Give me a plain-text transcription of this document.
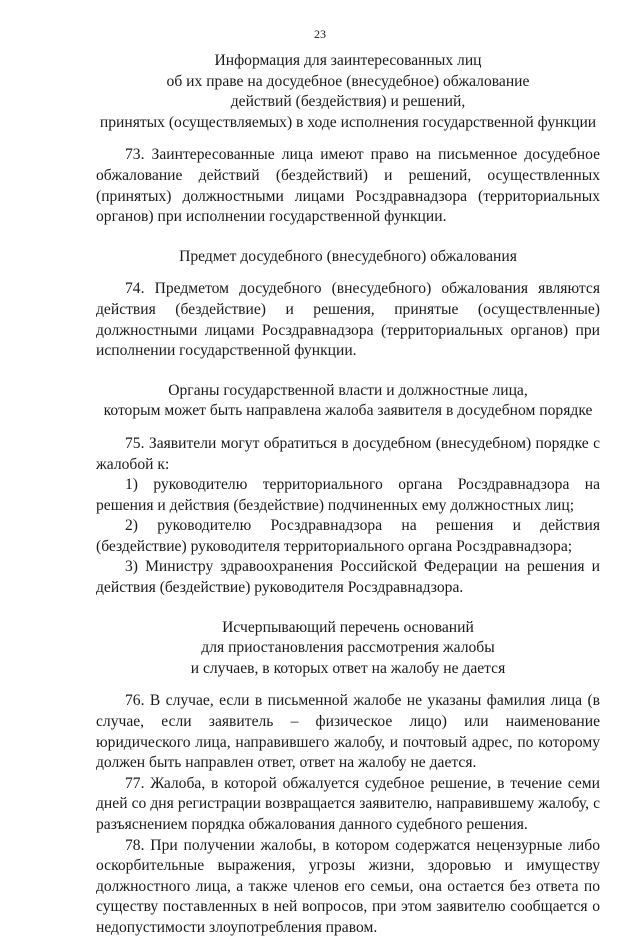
23
Информация для заинтересованных лиц
об их праве на досудебное (внесудебное) обжалование
действий (бездействия) и решений,
принятых (осуществляемых) в ходе исполнения государственной функции

73. Заинтересованные лица имеют право на письменное досудебное обжалование действий (бездействий) и решений, осуществленных (принятых) должностными лицами Росздравнадзора (территориальных органов) при исполнении государственной функции.

Предмет досудебного (внесудебного) обжалования

74. Предметом досудебного (внесудебного) обжалования являются действия (бездействие) и решения, принятые (осуществленные) должностными лицами Росздравнадзора (территориальных органов) при исполнении государственной функции.

Органы государственной власти и должностные лица,
которым может быть направлена жалоба заявителя в досудебном порядке

75. Заявители могут обратиться в досудебном (внесудебном) порядке с жалобой к:

1) руководителю территориального органа Росздравнадзора на решения и действия (бездействие) подчиненных ему должностных лиц;

2) руководителю Росздравнадзора на решения и действия (бездействие) руководителя территориального органа Росздравнадзора;

3) Министру здравоохранения Российской Федерации на решения и действия (бездействие) руководителя Росздравнадзора.

Исчерпывающий перечень оснований
для приостановления рассмотрения жалобы
и случаев, в которых ответ на жалобу не дается

76. В случае, если в письменной жалобе не указаны фамилия лица (в случае, если заявитель – физическое лицо) или наименование юридического лица, направившего жалобу, и почтовый адрес, по которому должен быть направлен ответ, ответ на жалобу не дается.

77. Жалоба, в которой обжалуется судебное решение, в течение семи дней со дня регистрации возвращается заявителю, направившему жалобу, с разъяснением порядка обжалования данного судебного решения.

78. При получении жалобы, в котором содержатся нецензурные либо оскорбительные выражения, угрозы жизни, здоровью и имуществу должностного лица, а также членов его семьи, она остается без ответа по существу поставленных в ней вопросов, при этом заявителю сообщается о недопустимости злоупотребления правом.
